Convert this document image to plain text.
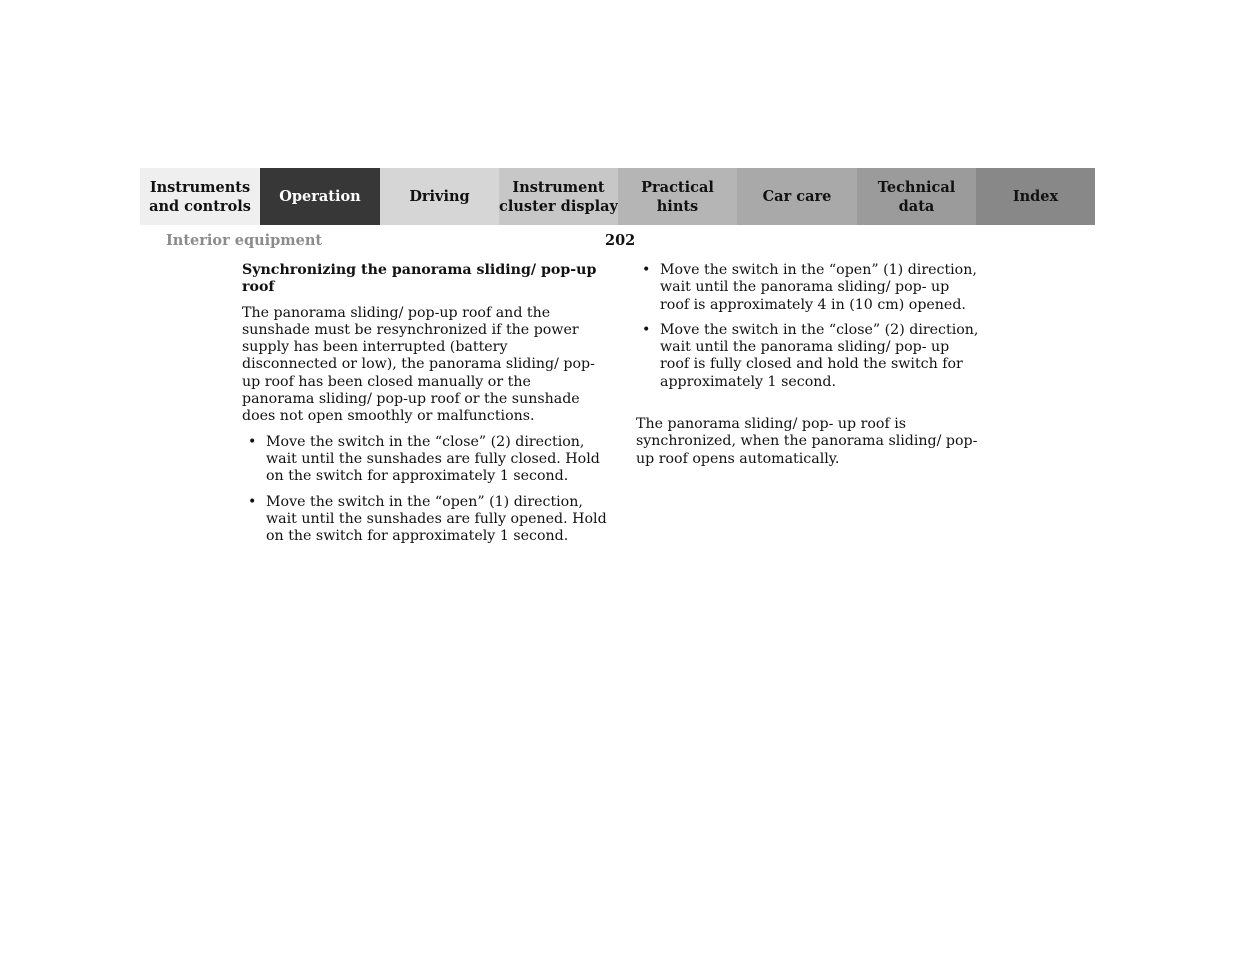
Instruments
and controls
Operation	Driving
Instrument
cluster display
Practical hints
Car care
Technical
data
Index
Interior equipment	202
Synchronizing the panorama sliding/ pop-up roof
The panorama sliding/ pop-up roof and the sunshade must be resynchronized if the power supply has been interrupted (battery disconnected or low), the panorama sliding/ pop-up roof has been closed manually or the panorama sliding/ pop-up roof or the sunshade does not open smoothly or malfunctions.
• Move the switch in the “close” (2) direction, wait until the sunshades are fully closed. Hold on the switch for approximately 1 second.
• Move the switch in the “open” (1) direction, wait until the sunshades are fully opened. Hold on the switch for approximately 1 second.
• Move the switch in the “open” (1) direction, wait until the panorama sliding/ pop- up roof is approximately 4 in (10 cm) opened.
• Move the switch in the “close” (2) direction, wait until the panorama sliding/ pop- up roof is fully closed and hold the switch for approximately 1 second.
The panorama sliding/ pop- up roof is synchronized, when the panorama sliding/ pop- up roof opens automatically.
